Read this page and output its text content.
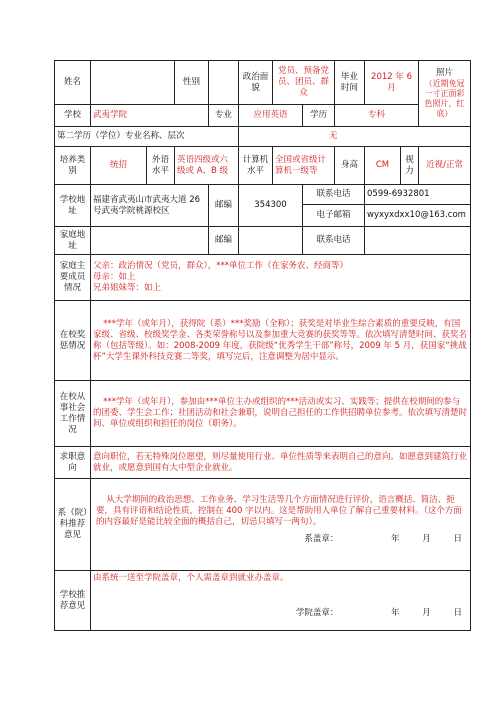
姓名			性别		政治面貌	党员、预备党员、团员、群众		毕业时间	2012 年 6 月		照片
（近期免冠一寸正面彩色照片，红底）

学校	武夷学院			专业	应用英语		学历	专科			
第二学历（学位）专业名称、层次					无						
培养类别	统招	外语水平	英语四级或六级或 A、B 级		计算机水平	全国或省级计算机一级等		身高	CM	视力	近视/正常
学校地址	福建省武夷山市武夷大道 26 号武夷学院桃源校区			邮编	354300		联系电话		0599-6932801		
							电子邮箱		wyxyxdxx10@163.com		
家庭地址				邮编			联系电话				
家庭主要成员情况	父亲：政治情况（党员，群众），***单位工作（在家务农、经商等）
母亲：如上
兄弟姐妹等：如上										

在校奖惩情况	***学年（或年月），获得院（系）***奖励（全称）；获奖是对毕业生综合素质的重要反映，有国家级、省级、校级奖学金、各类荣誉称号以及参加重大竞赛的获奖等等。依次填写清楚时间、获奖名称（包括等级）。如：2008-2009 年度，获院级“优秀学生干部”称号，2009 年 5 月，获国家“挑战杯”大学生课外科技竞赛二等奖，填写完后，注意调整为居中显示。										
在校从事社会工作情况	***学年（或年月），参加由***单位主办或组织的***活动或实习、实践等；提供在校期间的参与的团委、学生会工作；社团活动和社会兼职，说明自己担任的工作供招聘单位参考。依次填写清楚时间、单位或组织和担任的岗位（职务）。										
求职意向	意向职位，若无特殊岗位愿望，则尽量使用行业、单位性质等来表明自己的意向。如愿意到建筑行业就业，或愿意到国有大中型企业就业。										
系（院）科推荐意见	从大学期间的政治思想、工作业务、学习生活等几个方面情况进行评价，语言概括、简洁、扼要，具有评语和结论性质，控制在 400 字以内。这是帮助用人单位了解自己重要材料。（这个方面的内容最好是能比较全面的概括自己，切忌只填写一两句）。
系盖章： 年 月 日										

学校推荐意见	由系统一送至学院盖章，个人需盖章到就业办盖章。
学院盖章： 年 月 日										
